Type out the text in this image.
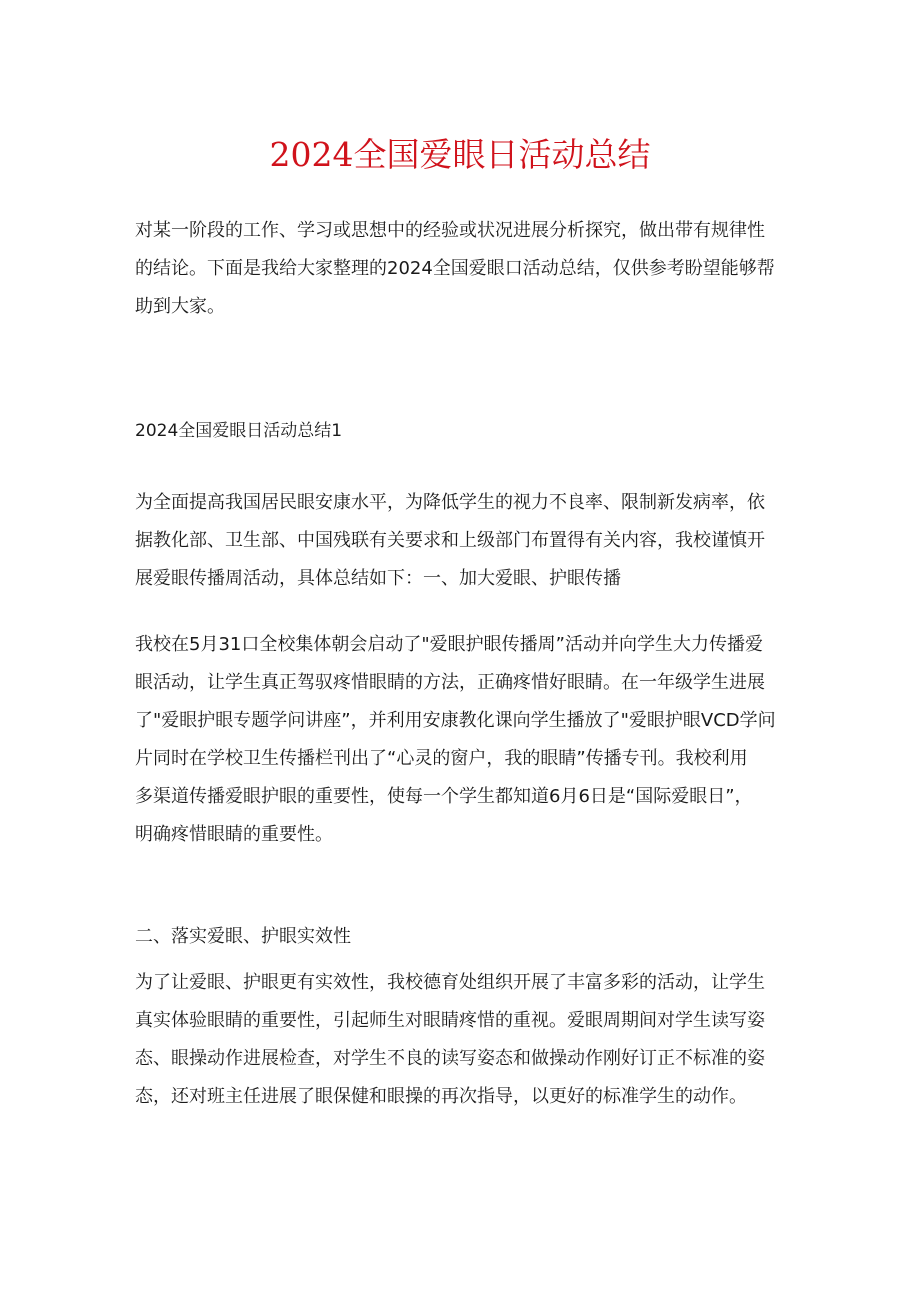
2024全国爱眼日活动总结
对某一阶段的工作、学习或思想中的经验或状况进展分析探究，做出带有规律性
的结论。下面是我给大家整理的2024全国爱眼口活动总结，仅供参考盼望能够帮
助到大家。
2024全国爱眼日活动总结1
为全面提高我国居民眼安康水平，为降低学生的视力不良率、限制新发病率，依
据教化部、卫生部、中国残联有关要求和上级部门布置得有关内容，我校谨慎开
展爱眼传播周活动，具体总结如下：一、加大爱眼、护眼传播
我校在5月31口全校集体朝会启动了"爱眼护眼传播周”活动并向学生大力传播爱
眼活动，让学生真正驾驭疼惜眼睛的方法，正确疼惜好眼睛。在一年级学生进展
了"爱眼护眼专题学问讲座”，并利用安康教化课向学生播放了"爱眼护眼VCD学问
片同时在学校卫生传播栏刊出了“心灵的窗户，我的眼睛”传播专刊。我校利用
多渠道传播爱眼护眼的重要性，使每一个学生都知道6月6日是“国际爱眼日”，
明确疼惜眼睛的重要性。
二、落实爱眼、护眼实效性
为了让爱眼、护眼更有实效性，我校德育处组织开展了丰富多彩的活动，让学生
真实体验眼睛的重要性，引起师生对眼睛疼惜的重视。爱眼周期间对学生读写姿
态、眼操动作进展检查，对学生不良的读写姿态和做操动作刚好订正不标准的姿
态，还对班主任进展了眼保健和眼操的再次指导，以更好的标准学生的动作。
